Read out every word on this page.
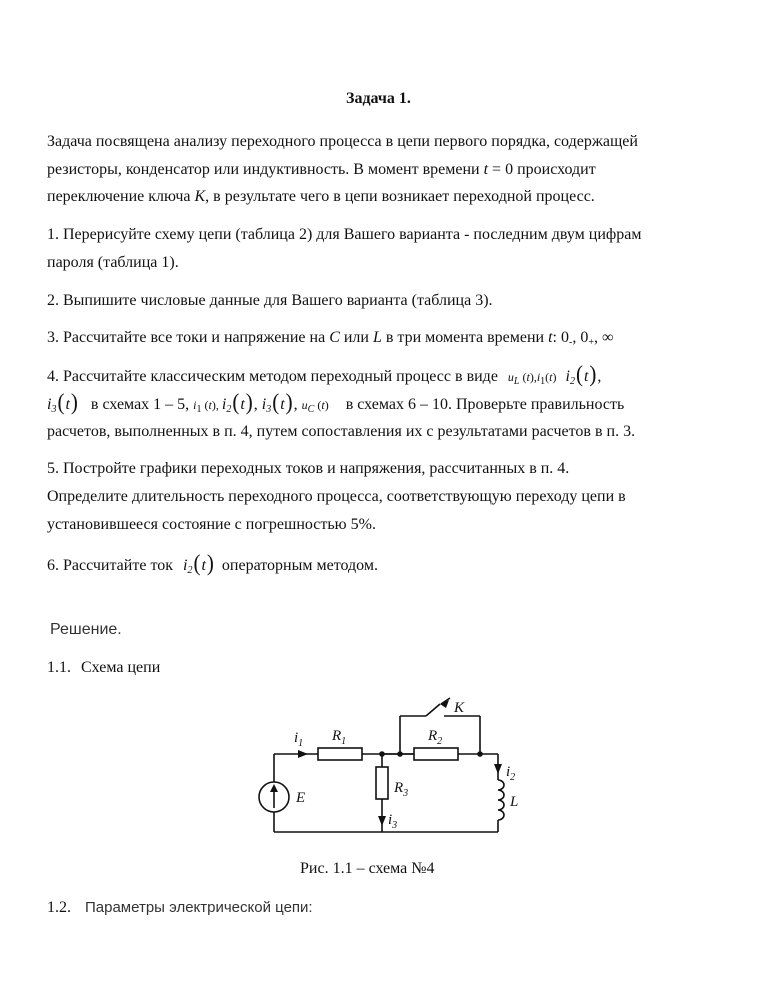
Задача 1.
Задача посвящена анализу переходного процесса в цепи первого порядка, содержащей
резисторы, конденсатор или индуктивность. В момент времени t = 0 происходит
переключение ключа K, в результате чего в цепи возникает переходной процесс.
1. Перерисуйте схему цепи (таблица 2) для Вашего варианта - последним двум цифрам
пароля (таблица 1).
2. Выпишите числовые данные для Вашего варианта (таблица 3).
3. Рассчитайте все токи и напряжение на C или L в три момента времени t: $0_-$, $0_+$, ∞
4. Рассчитайте классическим методом переходный процесс в виде $u_L$ $(t),i_1(t)$ $i_2(t)$,
$i_3(t)$ в схемах 1 – 5, $i_1$ (t), $i_2(t)$, $i_3(t)$, $u_C$ (t) в схемах 6 – 10. Проверьте правильность
расчетов, выполненных в п. 4, путем сопоставления их с результатами расчетов в п. 3.
5. Постройте графики переходных токов и напряжения, рассчитанных в п. 4.
Определите длительность переходного процесса, соответствующую переходу цепи в
установившееся состояние с погрешностью 5%.
6. Рассчитайте ток $i_2(t)$ операторным методом.
Решение.
1.1. Схема цепи
K
$R_1$	$R_2$
$R_3$
E	L
$i_1$
$i_2$
$i_3$
Рис. 1.1 – схема №4
1.2. Параметры электрической цепи:
